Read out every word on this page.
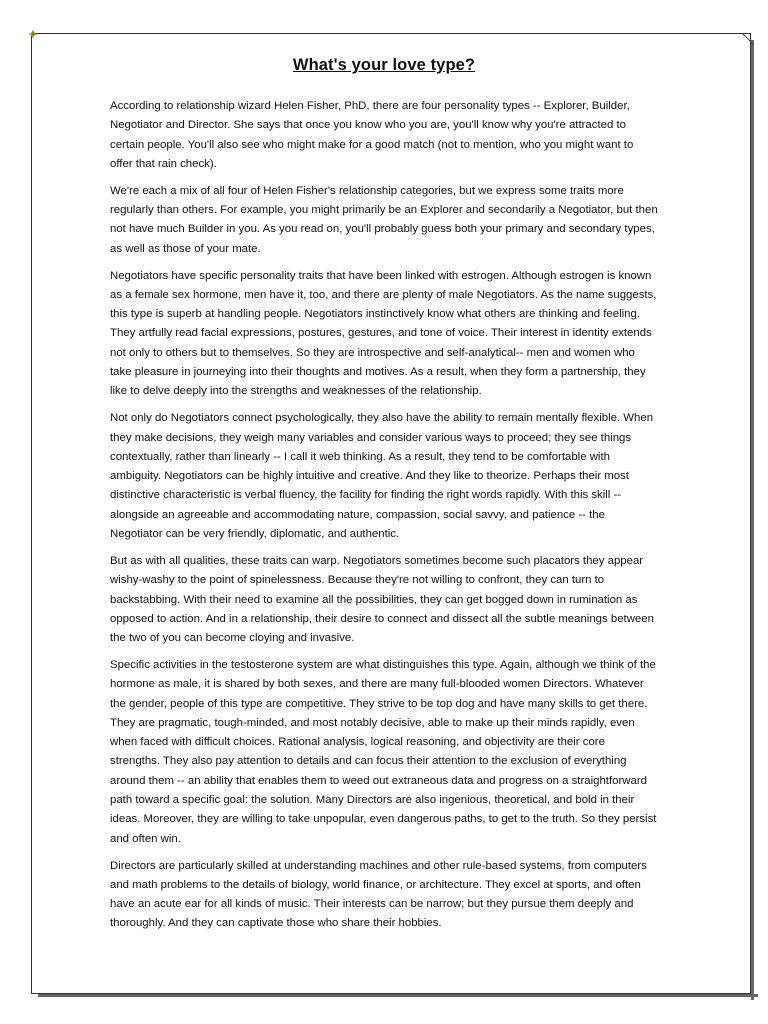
What's your love type?

According to relationship wizard Helen Fisher, PhD, there are four personality types -- Explorer, Builder, Negotiator and Director. She says that once you know who you are, you'll know why you're attracted to certain people. You'll also see who might make for a good match (not to mention, who you might want to offer that rain check).

We're each a mix of all four of Helen Fisher's relationship categories, but we express some traits more regularly than others. For example, you might primarily be an Explorer and secondarily a Negotiator, but then not have much Builder in you. As you read on, you'll probably guess both your primary and secondary types, as well as those of your mate.

Negotiators have specific personality traits that have been linked with estrogen. Although estrogen is known as a female sex hormone, men have it, too, and there are plenty of male Negotiators. As the name suggests, this type is superb at handling people. Negotiators instinctively know what others are thinking and feeling. They artfully read facial expressions, postures, gestures, and tone of voice. Their interest in identity extends not only to others but to themselves. So they are introspective and self-analytical-- men and women who take pleasure in journeying into their thoughts and motives. As a result, when they form a partnership, they like to delve deeply into the strengths and weaknesses of the relationship.

Not only do Negotiators connect psychologically, they also have the ability to remain mentally flexible. When they make decisions, they weigh many variables and consider various ways to proceed; they see things contextually, rather than linearly -- I call it web thinking. As a result, they tend to be comfortable with ambiguity. Negotiators can be highly intuitive and creative. And they like to theorize. Perhaps their most distinctive characteristic is verbal fluency, the facility for finding the right words rapidly. With this skill -- alongside an agreeable and accommodating nature, compassion, social savvy, and patience -- the Negotiator can be very friendly, diplomatic, and authentic.

But as with all qualities, these traits can warp. Negotiators sometimes become such placators they appear wishy-washy to the point of spinelessness. Because they're not willing to confront, they can turn to backstabbing. With their need to examine all the possibilities, they can get bogged down in rumination as opposed to action. And in a relationship, their desire to connect and dissect all the subtle meanings between the two of you can become cloying and invasive.

Specific activities in the testosterone system are what distinguishes this type. Again, although we think of the hormone as male, it is shared by both sexes, and there are many full-blooded women Directors. Whatever the gender, people of this type are competitive. They strive to be top dog and have many skills to get there. They are pragmatic, tough-minded, and most notably decisive, able to make up their minds rapidly, even when faced with difficult choices. Rational analysis, logical reasoning, and objectivity are their core strengths. They also pay attention to details and can focus their attention to the exclusion of everything around them -- an ability that enables them to weed out extraneous data and progress on a straightforward path toward a specific goal: the solution. Many Directors are also ingenious, theoretical, and bold in their ideas. Moreover, they are willing to take unpopular, even dangerous paths, to get to the truth. So they persist and often win.

Directors are particularly skilled at understanding machines and other rule-based systems, from computers and math problems to the details of biology, world finance, or architecture. They excel at sports, and often have an acute ear for all kinds of music. Their interests can be narrow; but they pursue them deeply and thoroughly. And they can captivate those who share their hobbies.
